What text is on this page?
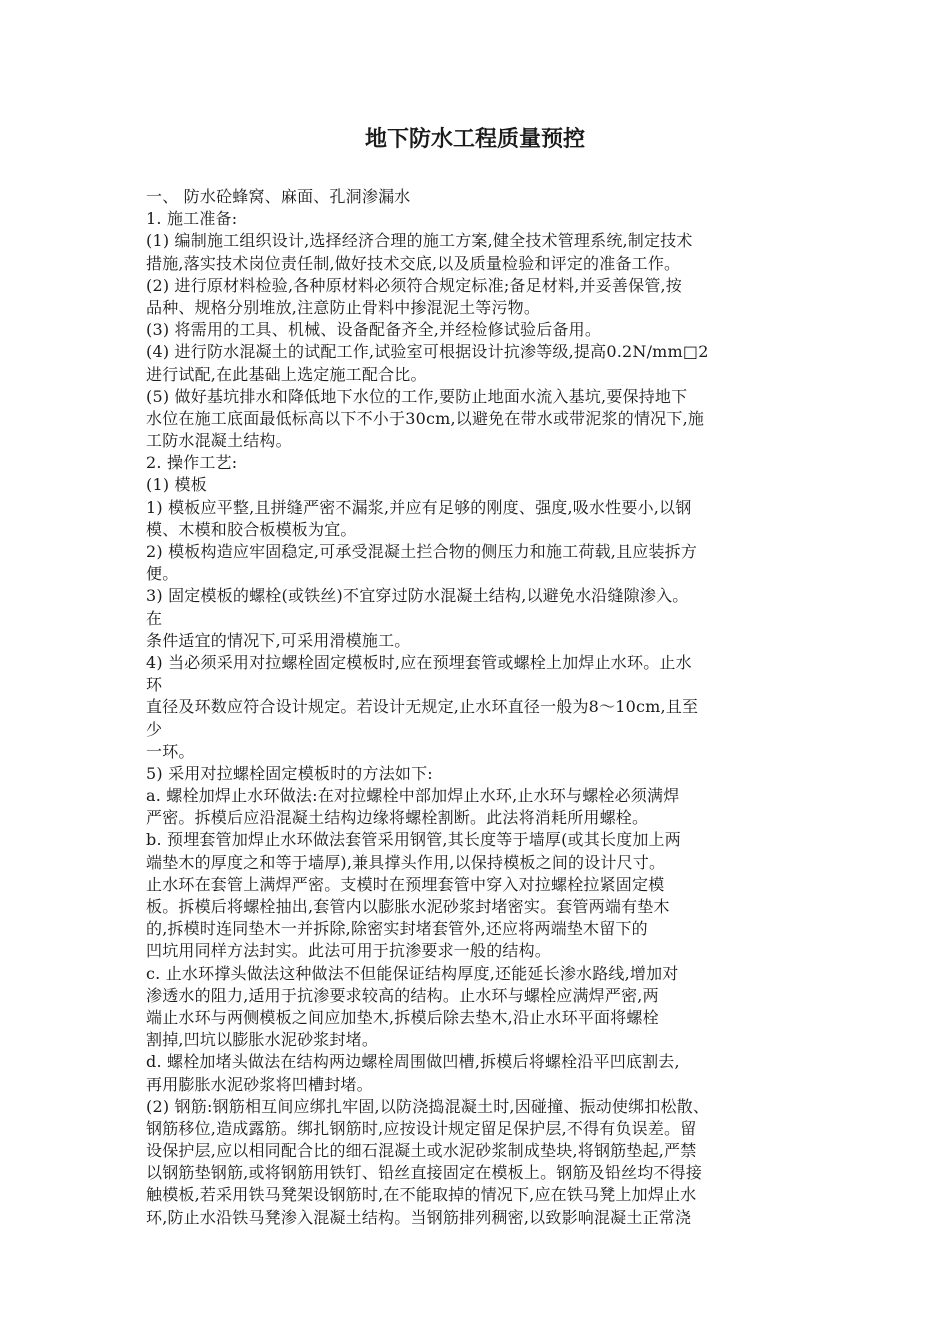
地下防水工程质量预控
一、 防水砼蜂窝、麻面、孔洞渗漏水
1. 施工准备:
(1) 编制施工组织设计,选择经济合理的施工方案,健全技术管理系统,制定技术
措施,落实技术岗位责任制,做好技术交底,以及质量检验和评定的准备工作。
(2) 进行原材料检验,各种原材料必须符合规定标准;备足材料,并妥善保管,按
品种、规格分别堆放,注意防止骨料中掺混泥土等污物。
(3) 将需用的工具、机械、设备配备齐全,并经检修试验后备用。
(4) 进行防水混凝土的试配工作,试验室可根据设计抗渗等级,提高0.2N/mm□2
进行试配,在此基础上选定施工配合比。
(5) 做好基坑排水和降低地下水位的工作,要防止地面水流入基坑,要保持地下
水位在施工底面最低标高以下不小于30cm,以避免在带水或带泥浆的情况下,施
工防水混凝土结构。
2. 操作工艺:
(1) 模板
1) 模板应平整,且拼缝严密不漏浆,并应有足够的刚度、强度,吸水性要小,以钢
模、木模和胶合板模板为宜。
2) 模板构造应牢固稳定,可承受混凝土拦合物的侧压力和施工荷载,且应装拆方
便。
3) 固定模板的螺栓(或铁丝)不宜穿过防水混凝土结构,以避免水沿缝隙渗入。
在
条件适宜的情况下,可采用滑模施工。
4) 当必须采用对拉螺栓固定模板时,应在预埋套管或螺栓上加焊止水环。止水
环
直径及环数应符合设计规定。若设计无规定,止水环直径一般为8～10cm,且至
少
一环。
5) 采用对拉螺栓固定模板时的方法如下:
a. 螺栓加焊止水环做法:在对拉螺栓中部加焊止水环,止水环与螺栓必须满焊
严密。拆模后应沿混凝土结构边缘将螺栓割断。此法将消耗所用螺栓。
b. 预埋套管加焊止水环做法套管采用钢管,其长度等于墙厚(或其长度加上两
端垫木的厚度之和等于墙厚),兼具撑头作用,以保持模板之间的设计尺寸。
止水环在套管上满焊严密。支模时在预埋套管中穿入对拉螺栓拉紧固定模
板。拆模后将螺栓抽出,套管内以膨胀水泥砂浆封堵密实。套管两端有垫木
的,拆模时连同垫木一并拆除,除密实封堵套管外,还应将两端垫木留下的
凹坑用同样方法封实。此法可用于抗渗要求一般的结构。
c. 止水环撑头做法这种做法不但能保证结构厚度,还能延长渗水路线,增加对
渗透水的阻力,适用于抗渗要求较高的结构。止水环与螺栓应满焊严密,两
端止水环与两侧模板之间应加垫木,拆模后除去垫木,沿止水环平面将螺栓
割掉,凹坑以膨胀水泥砂浆封堵。
d. 螺栓加堵头做法在结构两边螺栓周围做凹槽,拆模后将螺栓沿平凹底割去,
再用膨胀水泥砂浆将凹槽封堵。
(2) 钢筋:钢筋相互间应绑扎牢固,以防浇捣混凝土时,因碰撞、振动使绑扣松散、
钢筋移位,造成露筋。绑扎钢筋时,应按设计规定留足保护层,不得有负误差。留
设保护层,应以相同配合比的细石混凝土或水泥砂浆制成垫块,将钢筋垫起,严禁
以钢筋垫钢筋,或将钢筋用铁钉、铅丝直接固定在模板上。钢筋及铅丝均不得接
触模板,若采用铁马凳架设钢筋时,在不能取掉的情况下,应在铁马凳上加焊止水
环,防止水沿铁马凳渗入混凝土结构。当钢筋排列稠密,以致影响混凝土正常浇
